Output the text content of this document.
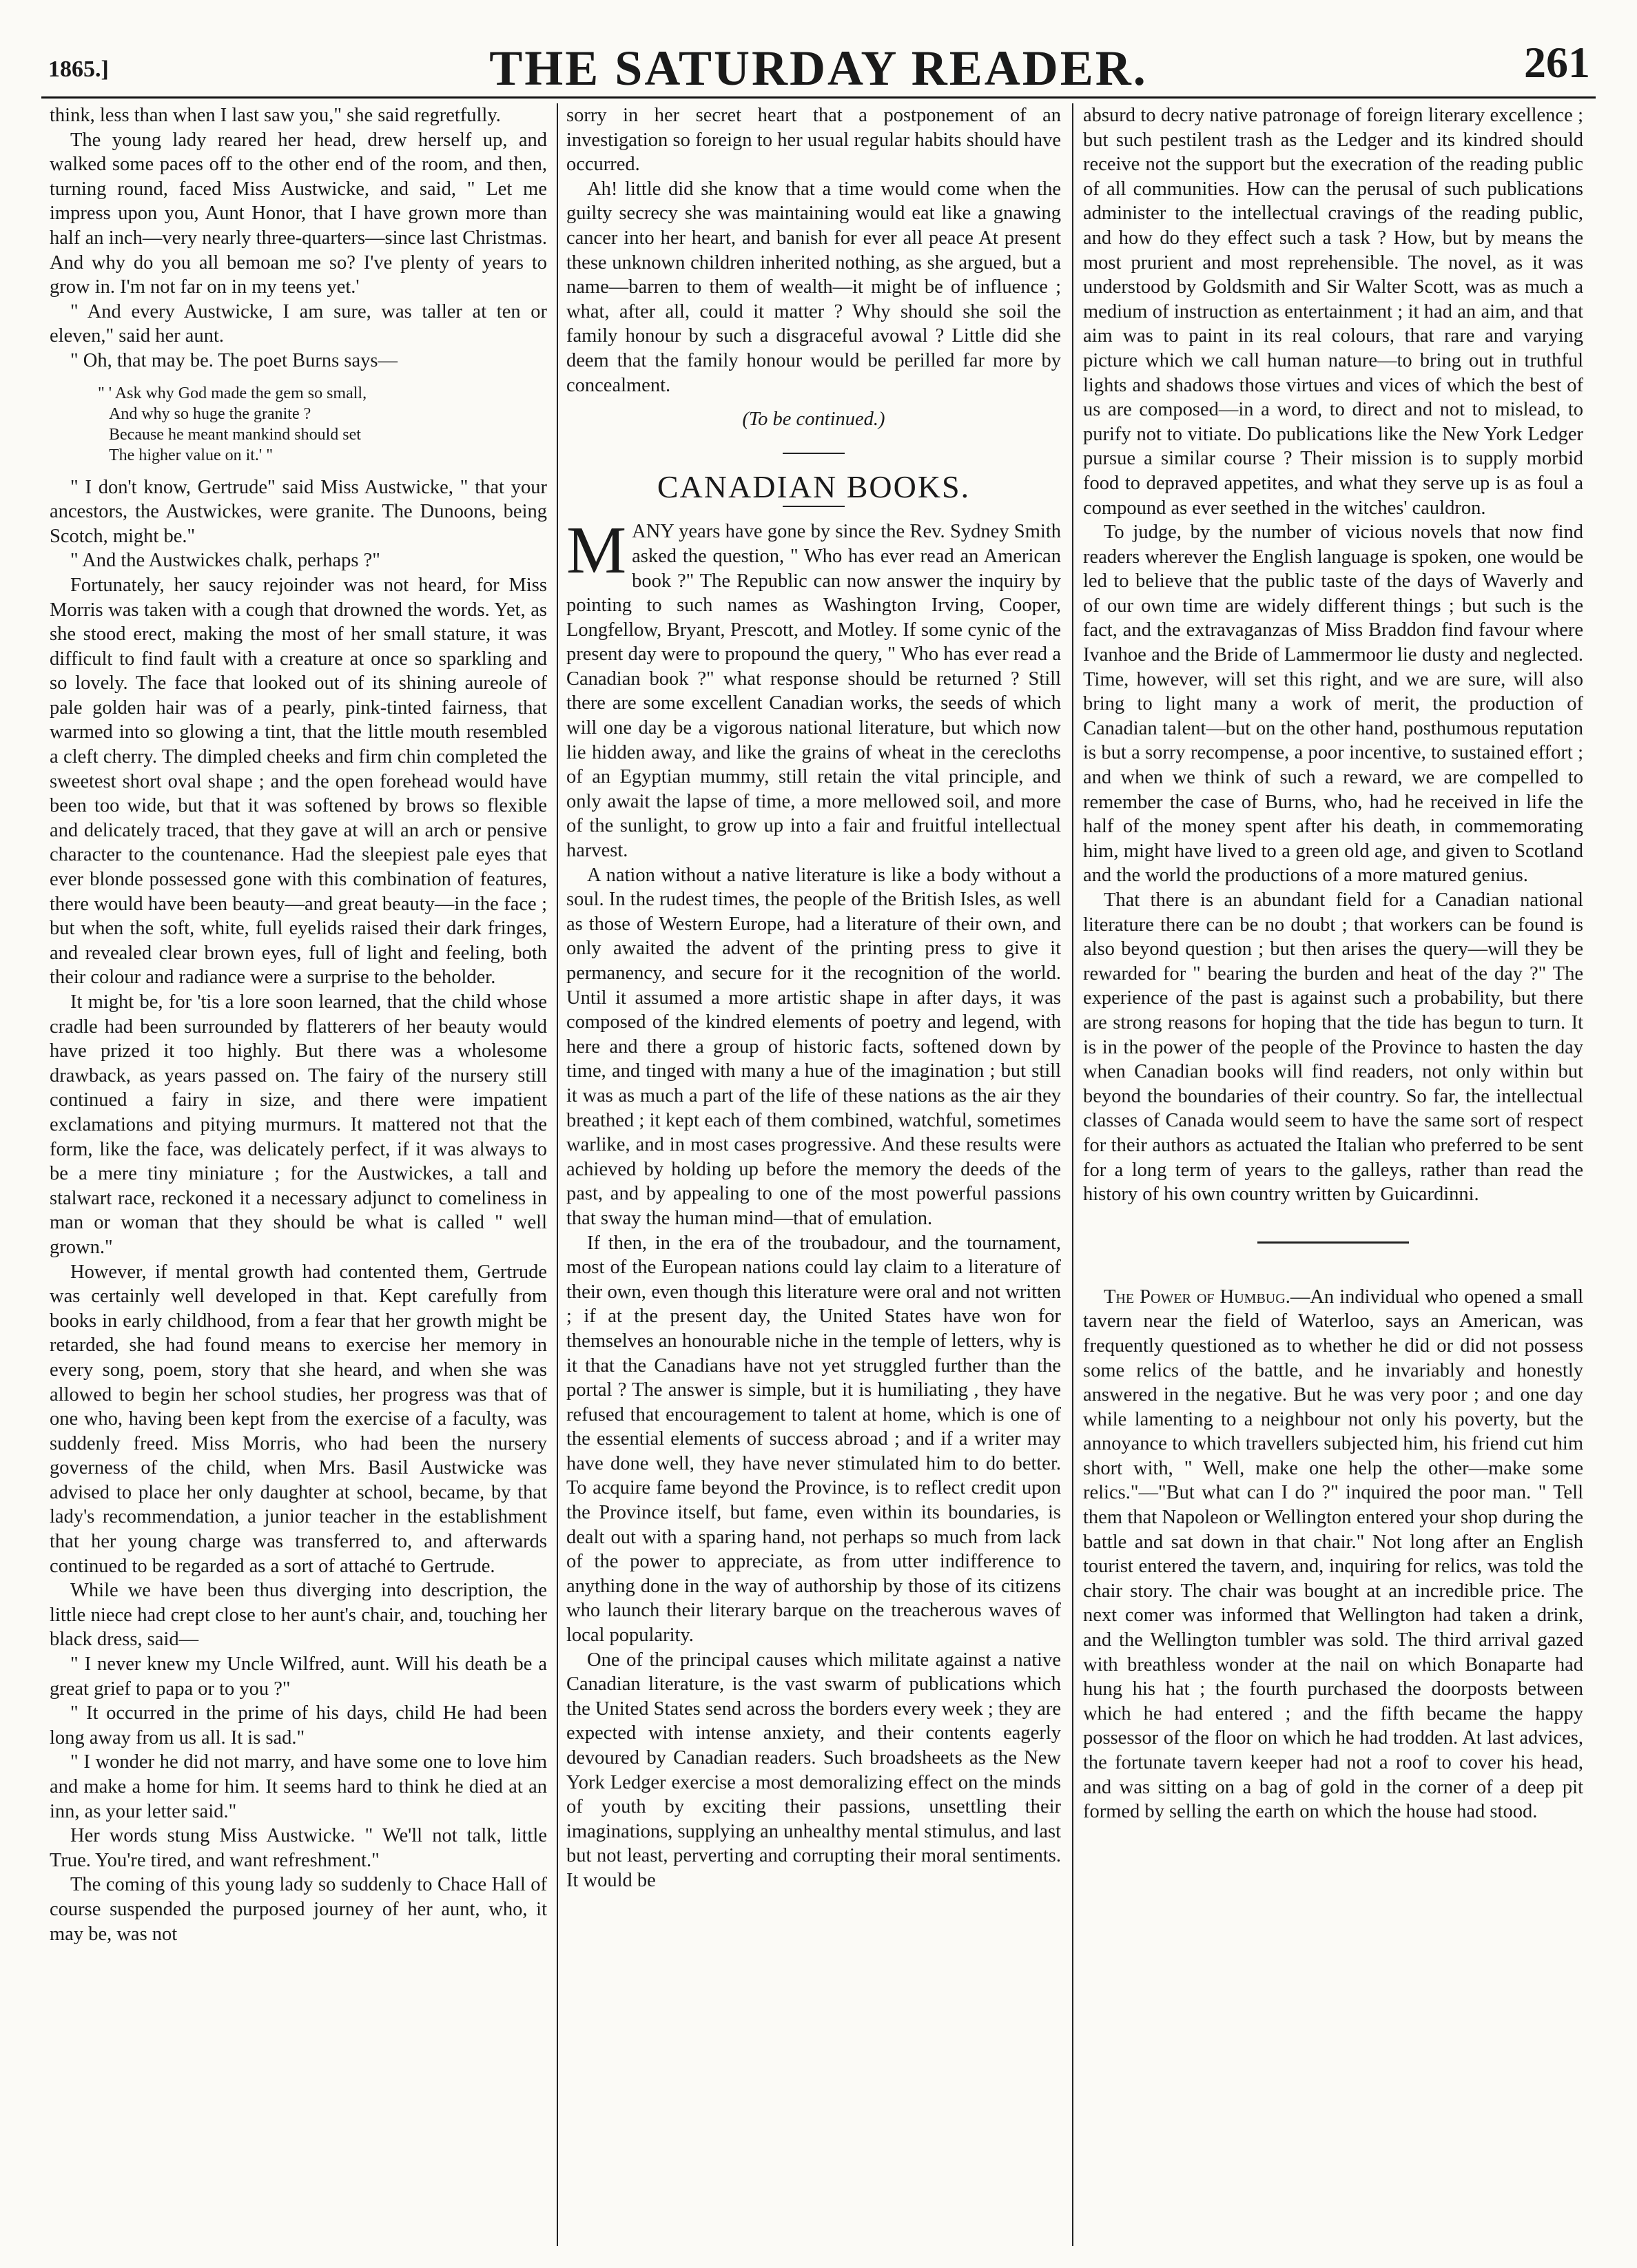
1865.]	THE SATURDAY READER.	261

think, less than when I last saw you," she said regretfully.

The young lady reared her head, drew herself up, and walked some paces off to the other end of the room, and then, turning round, faced Miss Austwicke, and said, " Let me impress upon you, Aunt Honor, that I have grown more than half an inch—very nearly three-quarters—since last Christmas. And why do you all bemoan me so? I've plenty of years to grow in. I'm not far on in my teens yet.'

" And every Austwicke, I am sure, was taller at ten or eleven," said her aunt.

" Oh, that may be. The poet Burns says—

" ' Ask why God made the gem so small,
And why so huge the granite ?
Because he meant mankind should set
The higher value on it.' "

" I don't know, Gertrude" said Miss Austwicke, " that your ancestors, the Austwickes, were granite. The Dunoons, being Scotch, might be."

" And the Austwickes chalk, perhaps ?"

Fortunately, her saucy rejoinder was not heard, for Miss Morris was taken with a cough that drowned the words. Yet, as she stood erect, making the most of her small stature, it was difficult to find fault with a creature at once so sparkling and so lovely. The face that looked out of its shining aureole of pale golden hair was of a pearly, pink-tinted fairness, that warmed into so glowing a tint, that the little mouth resembled a cleft cherry. The dimpled cheeks and firm chin completed the sweetest short oval shape ; and the open forehead would have been too wide, but that it was softened by brows so flexible and delicately traced, that they gave at will an arch or pensive character to the countenance. Had the sleepiest pale eyes that ever blonde possessed gone with this combination of features, there would have been beauty—and great beauty—in the face ; but when the soft, white, full eyelids raised their dark fringes, and revealed clear brown eyes, full of light and feeling, both their colour and radiance were a surprise to the beholder.

It might be, for 'tis a lore soon learned, that the child whose cradle had been surrounded by flatterers of her beauty would have prized it too highly. But there was a wholesome drawback, as years passed on. The fairy of the nursery still continued a fairy in size, and there were impatient exclamations and pitying murmurs. It mattered not that the form, like the face, was delicately perfect, if it was always to be a mere tiny miniature ; for the Austwickes, a tall and stalwart race, reckoned it a necessary adjunct to comeliness in man or woman that they should be what is called " well grown."

However, if mental growth had contented them, Gertrude was certainly well developed in that. Kept carefully from books in early childhood, from a fear that her growth might be retarded, she had found means to exercise her memory in every song, poem, story that she heard, and when she was allowed to begin her school studies, her progress was that of one who, having been kept from the exercise of a faculty, was suddenly freed. Miss Morris, who had been the nursery governess of the child, when Mrs. Basil Austwicke was advised to place her only daughter at school, became, by that lady's recommendation, a junior teacher in the establishment that her young charge was transferred to, and afterwards continued to be regarded as a sort of attaché to Gertrude.

While we have been thus diverging into description, the little niece had crept close to her aunt's chair, and, touching her black dress, said—

" I never knew my Uncle Wilfred, aunt. Will his death be a great grief to papa or to you ?"

" It occurred in the prime of his days, child He had been long away from us all. It is sad."

" I wonder he did not marry, and have some one to love him and make a home for him. It seems hard to think he died at an inn, as your letter said."

Her words stung Miss Austwicke. " We'll not talk, little True. You're tired, and want refreshment."

The coming of this young lady so suddenly to Chace Hall of course suspended the purposed journey of her aunt, who, it may be, was not

sorry in her secret heart that a postponement of an investigation so foreign to her usual regular habits should have occurred.

Ah! little did she know that a time would come when the guilty secrecy she was maintaining would eat like a gnawing cancer into her heart, and banish for ever all peace At present these unknown children inherited nothing, as she argued, but a name—barren to them of wealth—it might be of influence ; what, after all, could it matter ? Why should she soil the family honour by such a disgraceful avowal ? Little did she deem that the family honour would be perilled far more by concealment.

(To be continued.)

CANADIAN BOOKS.

MANY years have gone by since the Rev. Sydney Smith asked the question, " Who has ever read an American book ?" The Republic can now answer the inquiry by pointing to such names as Washington Irving, Cooper, Longfellow, Bryant, Prescott, and Motley. If some cynic of the present day were to propound the query, " Who has ever read a Canadian book ?" what response should be returned ? Still there are some excellent Canadian works, the seeds of which will one day be a vigorous national literature, but which now lie hidden away, and like the grains of wheat in the cerecloths of an Egyptian mummy, still retain the vital principle, and only await the lapse of time, a more mellowed soil, and more of the sunlight, to grow up into a fair and fruitful intellectual harvest.

A nation without a native literature is like a body without a soul. In the rudest times, the people of the British Isles, as well as those of Western Europe, had a literature of their own, and only awaited the advent of the printing press to give it permanency, and secure for it the recognition of the world. Until it assumed a more artistic shape in after days, it was composed of the kindred elements of poetry and legend, with here and there a group of historic facts, softened down by time, and tinged with many a hue of the imagination ; but still it was as much a part of the life of these nations as the air they breathed ; it kept each of them combined, watchful, sometimes warlike, and in most cases progressive. And these results were achieved by holding up before the memory the deeds of the past, and by appealing to one of the most powerful passions that sway the human mind—that of emulation.

If then, in the era of the troubadour, and the tournament, most of the European nations could lay claim to a literature of their own, even though this literature were oral and not written ; if at the present day, the United States have won for themselves an honourable niche in the temple of letters, why is it that the Canadians have not yet struggled further than the portal ? The answer is simple, but it is humiliating , they have refused that encouragement to talent at home, which is one of the essential elements of success abroad ; and if a writer may have done well, they have never stimulated him to do better. To acquire fame beyond the Province, is to reflect credit upon the Province itself, but fame, even within its boundaries, is dealt out with a sparing hand, not perhaps so much from lack of the power to appreciate, as from utter indifference to anything done in the way of authorship by those of its citizens who launch their literary barque on the treacherous waves of local popularity.

One of the principal causes which militate against a native Canadian literature, is the vast swarm of publications which the United States send across the borders every week ; they are expected with intense anxiety, and their contents eagerly devoured by Canadian readers. Such broadsheets as the New York Ledger exercise a most demoralizing effect on the minds of youth by exciting their passions, unsettling their imaginations, supplying an unhealthy mental stimulus, and last but not least, perverting and corrupting their moral sentiments. It would be

absurd to decry native patronage of foreign literary excellence ; but such pestilent trash as the Ledger and its kindred should receive not the support but the execration of the reading public of all communities. How can the perusal of such publications administer to the intellectual cravings of the reading public, and how do they effect such a task ? How, but by means the most prurient and most reprehensible. The novel, as it was understood by Goldsmith and Sir Walter Scott, was as much a medium of instruction as entertainment ; it had an aim, and that aim was to paint in its real colours, that rare and varying picture which we call human nature—to bring out in truthful lights and shadows those virtues and vices of which the best of us are composed—in a word, to direct and not to mislead, to purify not to vitiate. Do publications like the New York Ledger pursue a similar course ? Their mission is to supply morbid food to depraved appetites, and what they serve up is as foul a compound as ever seethed in the witches' cauldron.

To judge, by the number of vicious novels that now find readers wherever the English language is spoken, one would be led to believe that the public taste of the days of Waverly and of our own time are widely different things ; but such is the fact, and the extravaganzas of Miss Braddon find favour where Ivanhoe and the Bride of Lammermoor lie dusty and neglected. Time, however, will set this right, and we are sure, will also bring to light many a work of merit, the production of Canadian talent—but on the other hand, posthumous reputation is but a sorry recompense, a poor incentive, to sustained effort ; and when we think of such a reward, we are compelled to remember the case of Burns, who, had he received in life the half of the money spent after his death, in commemorating him, might have lived to a green old age, and given to Scotland and the world the productions of a more matured genius.

That there is an abundant field for a Canadian national literature there can be no doubt ; that workers can be found is also beyond question ; but then arises the query—will they be rewarded for " bearing the burden and heat of the day ?" The experience of the past is against such a probability, but there are strong reasons for hoping that the tide has begun to turn. It is in the power of the people of the Province to hasten the day when Canadian books will find readers, not only within but beyond the boundaries of their country. So far, the intellectual classes of Canada would seem to have the same sort of respect for their authors as actuated the Italian who preferred to be sent for a long term of years to the galleys, rather than read the history of his own country written by Guicardinni.

The Power of Humbug.—An individual who opened a small tavern near the field of Waterloo, says an American, was frequently questioned as to whether he did or did not possess some relics of the battle, and he invariably and honestly answered in the negative. But he was very poor ; and one day while lamenting to a neighbour not only his poverty, but the annoyance to which travellers subjected him, his friend cut him short with, " Well, make one help the other—make some relics."—"But what can I do ?" inquired the poor man. " Tell them that Napoleon or Wellington entered your shop during the battle and sat down in that chair." Not long after an English tourist entered the tavern, and, inquiring for relics, was told the chair story. The chair was bought at an incredible price. The next comer was informed that Wellington had taken a drink, and the Wellington tumbler was sold. The third arrival gazed with breathless wonder at the nail on which Bonaparte had hung his hat ; the fourth purchased the doorposts between which he had entered ; and the fifth became the happy possessor of the floor on which he had trodden. At last advices, the fortunate tavern keeper had not a roof to cover his head, and was sitting on a bag of gold in the corner of a deep pit formed by selling the earth on which the house had stood.
